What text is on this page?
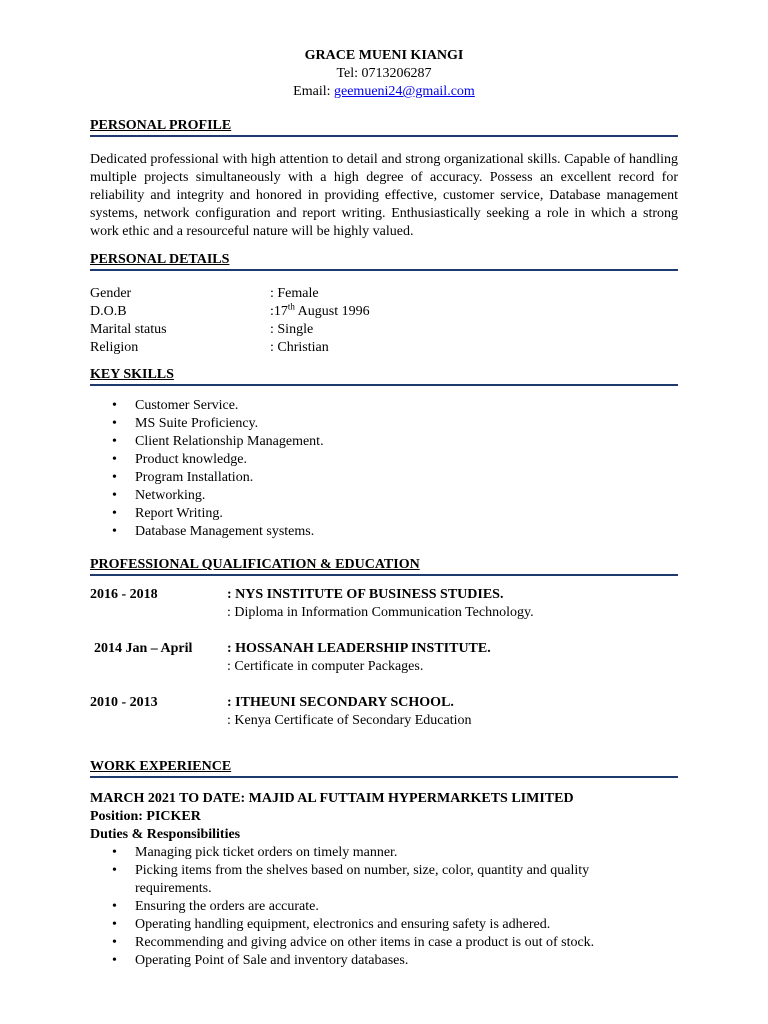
GRACE MUENI KIANGI
Tel: 0713206287
Email: geemueni24@gmail.com
PERSONAL PROFILE
Dedicated professional with high attention to detail and strong organizational skills. Capable of handling multiple projects simultaneously with a high degree of accuracy. Possess an excellent record for reliability and integrity and honored in providing effective, customer service, Database management systems, network configuration and report writing. Enthusiastically seeking a role in which a strong work ethic and a resourceful nature will be highly valued.
PERSONAL DETAILS
Gender	: Female
D.O.B	:17th August 1996
Marital status	: Single
Religion	: Christian
KEY SKILLS
• Customer Service.
• MS Suite Proficiency.
• Client Relationship Management.
• Product knowledge.
• Program Installation.
• Networking.
• Report Writing.
• Database Management systems.
PROFESSIONAL QUALIFICATION & EDUCATION
2016 - 2018	: NYS INSTITUTE OF BUSINESS STUDIES.
: Diploma in Information Communication Technology.
2014 Jan – April : HOSSANAH LEADERSHIP INSTITUTE.
: Certificate in computer Packages.
2010 - 2013	: ITHEUNI SECONDARY SCHOOL.
: Kenya Certificate of Secondary Education
WORK EXPERIENCE
MARCH 2021 TO DATE: MAJID AL FUTTAIM HYPERMARKETS LIMITED
Position: PICKER
Duties & Responsibilities
• Managing pick ticket orders on timely manner.
• Picking items from the shelves based on number, size, color, quantity and quality requirements.
• Ensuring the orders are accurate.
• Operating handling equipment, electronics and ensuring safety is adhered.
• Recommending and giving advice on other items in case a product is out of stock.
• Operating Point of Sale and inventory databases.
